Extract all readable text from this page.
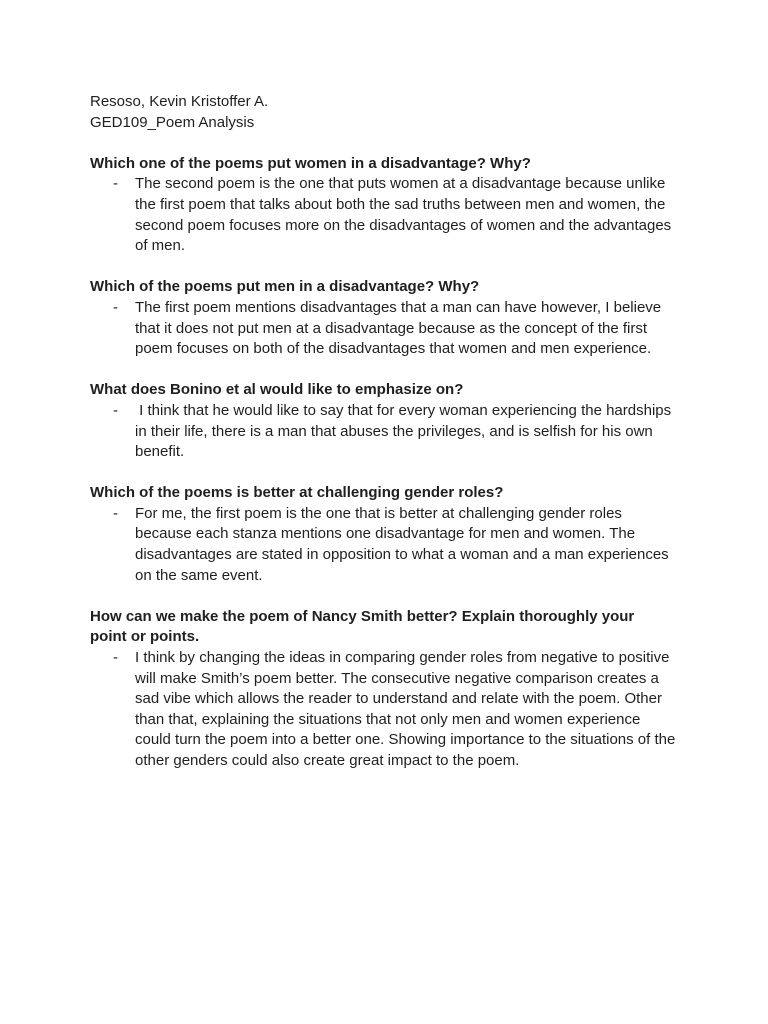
Resoso, Kevin Kristoffer A.
GED109_Poem Analysis
Which one of the poems put women in a disadvantage? Why?
- The second poem is the one that puts women at a disadvantage because unlike the first poem that talks about both the sad truths between men and women, the second poem focuses more on the disadvantages of women and the advantages of men.
Which of the poems put men in a disadvantage? Why?
- The first poem mentions disadvantages that a man can have however, I believe that it does not put men at a disadvantage because as the concept of the first poem focuses on both of the disadvantages that women and men experience.
What does Bonino et al would like to emphasize on?
- I think that he would like to say that for every woman experiencing the hardships in their life, there is a man that abuses the privileges, and is selfish for his own benefit.
Which of the poems is better at challenging gender roles?
- For me, the first poem is the one that is better at challenging gender roles because each stanza mentions one disadvantage for men and women. The disadvantages are stated in opposition to what a woman and a man experiences on the same event.
How can we make the poem of Nancy Smith better? Explain thoroughly your point or points.
- I think by changing the ideas in comparing gender roles from negative to positive will make Smith’s poem better. The consecutive negative comparison creates a sad vibe which allows the reader to understand and relate with the poem. Other than that, explaining the situations that not only men and women experience could turn the poem into a better one. Showing importance to the situations of the other genders could also create great impact to the poem.
